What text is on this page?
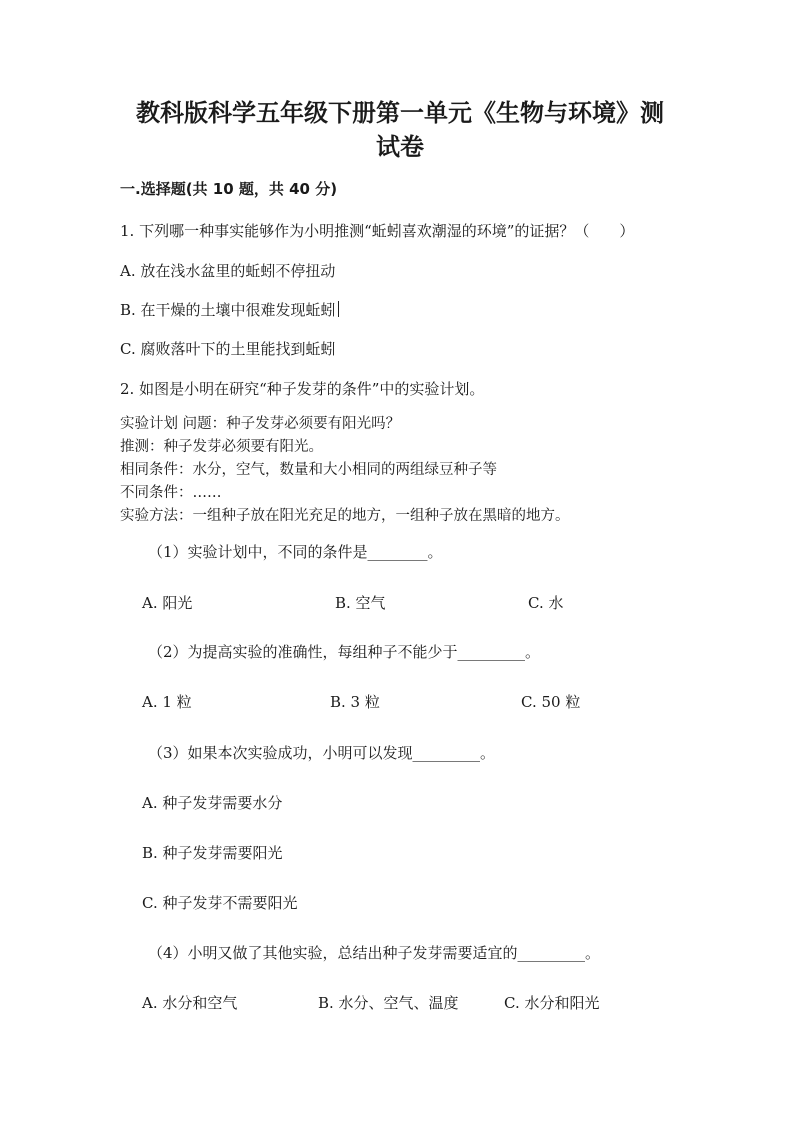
教科版科学五年级下册第一单元《生物与环境》测
试卷
一.选择题(共 10 题，共 40 分)
1. 下列哪一种事实能够作为小明推测“蚯蚓喜欢潮湿的环境”的证据？（　　）
A. 放在浅水盆里的蚯蚓不停扭动
B. 在干燥的土壤中很难发现蚯蚓
C. 腐败落叶下的土里能找到蚯蚓
2. 如图是小明在研究“种子发芽的条件”中的实验计划。
实验计划 问题：种子发芽必须要有阳光吗？
推测：种子发芽必须要有阳光。
相同条件：水分，空气，数量和大小相同的两组绿豆种子等
不同条件：……
实验方法：一组种子放在阳光充足的地方，一组种子放在黑暗的地方。
（1）实验计划中，不同的条件是________。
A. 阳光	B. 空气	C. 水
（2）为提高实验的准确性，每组种子不能少于_________。
A. 1 粒	B. 3 粒	C. 50 粒
（3）如果本次实验成功，小明可以发现_________。
A. 种子发芽需要水分
B. 种子发芽需要阳光
C. 种子发芽不需要阳光
（4）小明又做了其他实验，总结出种子发芽需要适宜的_________。
A. 水分和空气	B. 水分、空气、温度	C. 水分和阳光
